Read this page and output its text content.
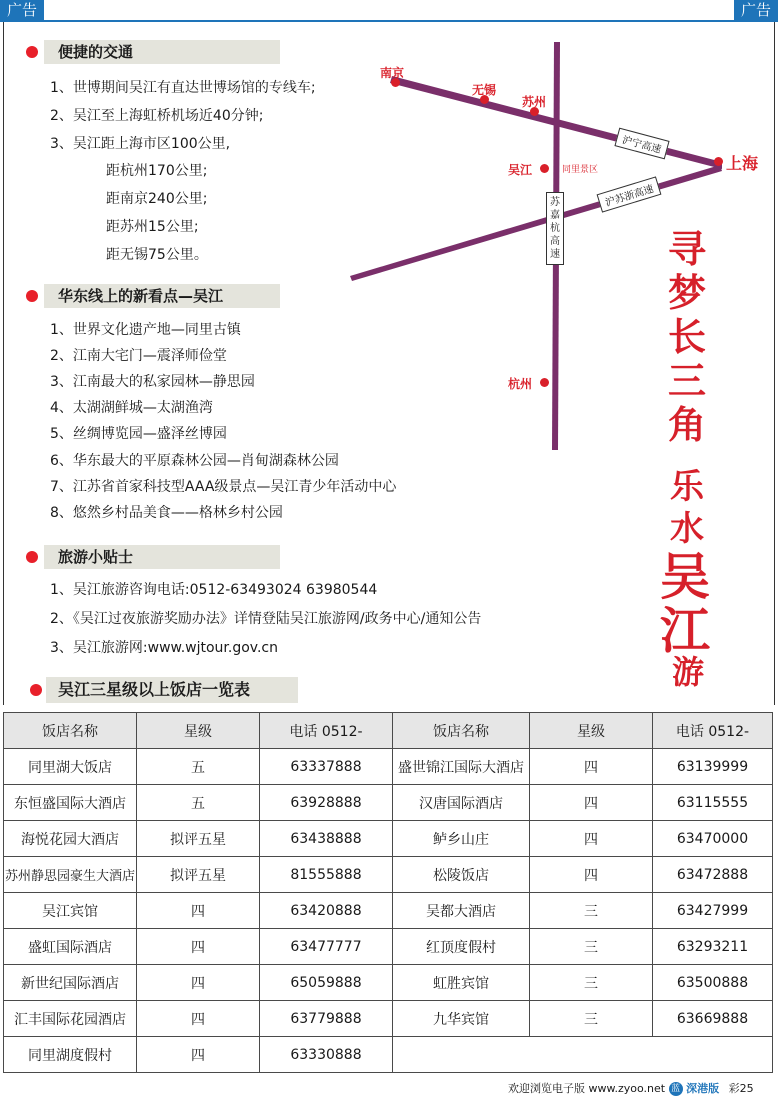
广告	广告
便捷的交通
1、世博期间吴江有直达世博场馆的专线车;
2、吴江至上海虹桥机场近40分钟;
3、吴江距上海市区100公里,
距杭州170公里;
距南京240公里;
距苏州15公里;
距无锡75公里。
华东线上的新看点—吴江
1、世界文化遗产地—同里古镇
2、江南大宅门—震泽师俭堂
3、江南最大的私家园林—静思园
4、太湖湖鲜城—太湖渔湾
5、丝绸博览园—盛泽丝博园
6、华东最大的平原森林公园—肖甸湖森林公园
7、江苏省首家科技型AAA级景点—吴江青少年活动中心
8、悠然乡村品美食——格林乡村公园
旅游小贴士
1、吴江旅游咨询电话:0512-63493024 63980544
2、《吴江过夜旅游奖励办法》详情登陆吴江旅游网/政务中心/通知公告
3、吴江旅游网:www.wjtour.gov.cn
南京
无锡
苏州
上海
吴江	同里景区
杭州
沪宁高速
沪苏浙高速
苏嘉杭高速	寻
梦
长
三
角
乐
水
吴
江
游
吴江三星级以上饭店一览表
饭店名称	星级	电话 0512-	饭店名称	星级	电话 0512-
同里湖大饭店	五	63337888	盛世锦江国际大酒店	四	63139999
东恒盛国际大酒店	五	63928888	汉唐国际酒店	四	63115555
海悦花园大酒店	拟评五星	63438888	鲈乡山庄	四	63470000
苏州静思园豪生大酒店	拟评五星	81555888	松陵饭店	四	63472888
吴江宾馆	四	63420888	吴都大酒店	三	63427999
盛虹国际酒店	四	63477777	红顶度假村	三	63293211
新世纪国际酒店	四	65059888	虹胜宾馆	三	63500888
汇丰国际花园酒店	四	63779888	九华宾馆	三	63669888
同里湖度假村	四	63330888			
欢迎浏览电子版 www.zyoo.net 蓝 深港版 彩25
